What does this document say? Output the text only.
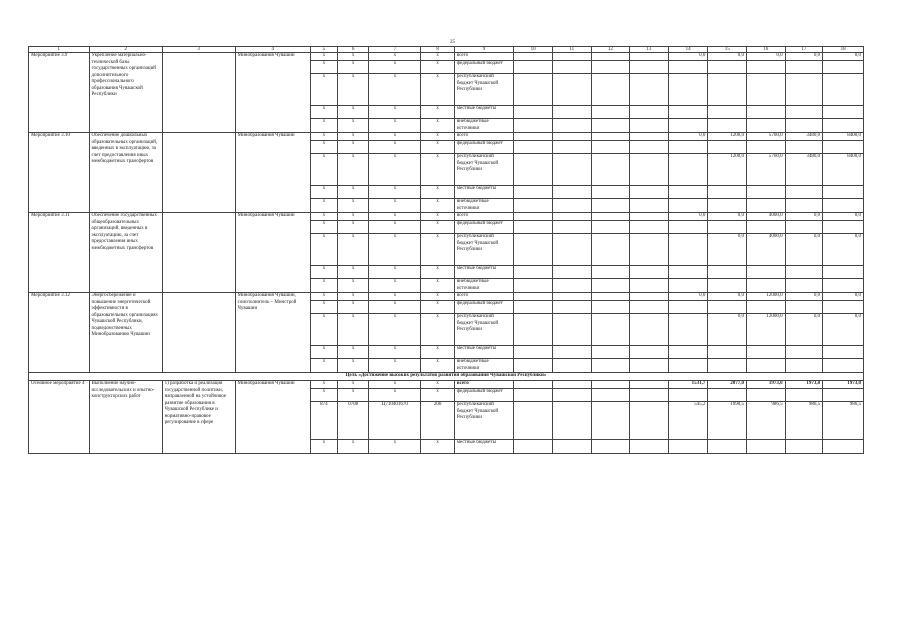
25
1	2	3	4	5	6	7	8	9	10	11	12	13	14	15	16	17	18
Мероприятие 3.9	Укрепление материально-технической базы государственных организаций дополнительного профессионального образования Чувашской Республики		Минобразования Чувашии	x	x	x	x	всего					0,0	0,0	0,0	0,0	0,0
				x	x	x	x	федеральный бюджет									
				x	x	x	x	республиканский бюджет Чувашской Республики									
				x	x	x	x	местные бюджеты									
				x	x	x	x	внебюджетные источники									
Мероприятие 3.10	Обеспечение дошкольных образовательных организаций, введенных в эксплуатацию, за счет предоставления иных межбюджетных трансфертов		Минобразования Чувашии	x	x	x	x	всего					0,0	1200,0	5760,0	3480,0	8400,0
				x	x	x	x	федеральный бюджет									
				x	x	x	x	республиканский бюджет Чувашской Республики						1200,0	5760,0	3480,0	8400,0
				x	x	x	x	местные бюджеты									
				x	x	x	x	внебюджетные источники									
Мероприятие 3.11	Обеспечение государственных общеобразовательных организаций, введенных в эксплуатацию, за счет предоставления иных межбюджетных трансфертов		Минобразования Чувашии	x	x	x	x	всего					0,0	0,0	4000,0	0,0	0,0
				x	x	x	x	федеральный бюджет									
				x	x	x	x	республиканский бюджет Чувашской Республики						0,0	4000,0	0,0	0,0
				x	x	x	x	местные бюджеты									
				x	x	x	x	внебюджетные источники									
Мероприятие 3.12	Энергосбережение и повышение энергетической эффективности в образовательных организациях Чувашской Республики, подведомственных Минобразованию Чувашии		Минобразования Чувашии, соисполнитель – Минстрой Чувашии	x	x	x	x	всего					0,0	0,0	12000,0	0,0	0,0
				x	x	x	x	федеральный бюджет									
				x	x	x	x	республиканский бюджет Чувашской Республики						0,0	12000,0	0,0	0,0
				x	x	x	x	местные бюджеты									
				x	x	x	x	внебюджетные источники									
Цель «Достижение высоких результатов развития образования Чувашской Республики»																	
Основное мероприятие 4	Выполнение научно-исследовательских и опытно-конструкторских работ	1) разработка и реализация государственной политики, направленной на устойчивое развитие образования в Чувашской Республике и нормативно-правовое регулирование в сфере	Минобразования Чувашии	x	x	x	x	всего					1531,7	2077,0	1973,0	1973,0	1973,0
				x	x	x	x	федеральный бюджет									
				874	0708	Ц710401670	200	республиканский бюджет Чувашской Республики					545,2	1090,5	986,5	986,5	986,5
				x	x	x	x	местные бюджеты									
